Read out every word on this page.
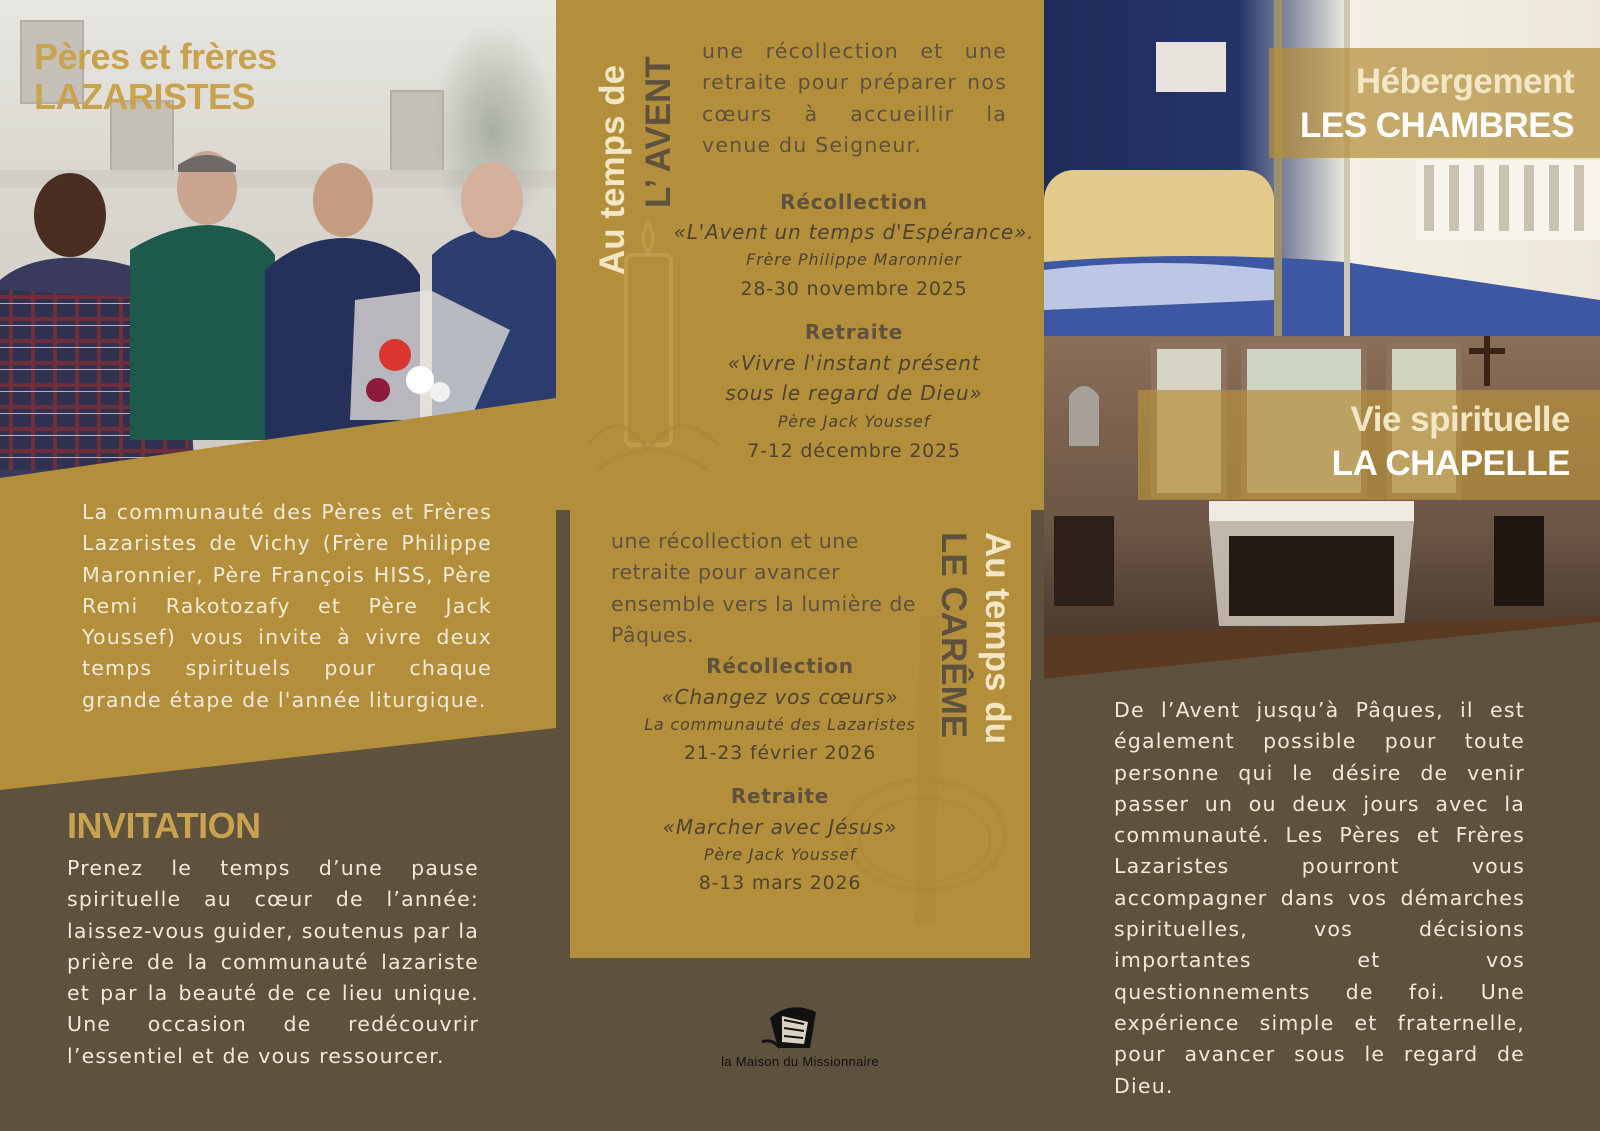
Pères et frères
LAZARISTES
La communauté des Pères et Frères Lazaristes de Vichy (Frère Philippe Maronnier, Père François HISS, Père Remi Rakotozafy et Père Jack Youssef) vous invite à vivre deux temps spirituels pour chaque grande étape de l'année liturgique.
INVITATION
Prenez le temps d’une pause spirituelle au cœur de l’année: laissez-vous guider, soutenus par la prière de la communauté lazariste et par la beauté de ce lieu unique. Une occasion de redécouvrir l’essentiel et de vous ressourcer.
Au temps de L’ AVENT
une récollection et une retraite pour préparer nos cœurs à accueillir la venue du Seigneur.
Récollection
«L'Avent un temps d'Espérance».
Frère Philippe Maronnier
28-30 novembre 2025
Retraite
«Vivre l'instant présent sous le regard de Dieu»
Père Jack Youssef
7-12 décembre 2025
Au temps du
LE CARÊME
une récollection et une retraite pour avancer ensemble vers la lumière de Pâques.
Récollection
«Changez vos cœurs»
La communauté des Lazaristes
21-23 février 2026
Retraite
«Marcher avec Jésus»
Père Jack Youssef
8-13 mars 2026
la Maison du Missionnaire
Hébergement
LES CHAMBRES
Vie spirituelle
LA CHAPELLE
De l’Avent jusqu’à Pâques, il est également possible pour toute personne qui le désire de venir passer un ou deux jours avec la communauté. Les Pères et Frères Lazaristes pourront vous accompagner dans vos démarches spirituelles, vos décisions importantes et vos questionnements de foi. Une expérience simple et fraternelle, pour avancer sous le regard de Dieu.
